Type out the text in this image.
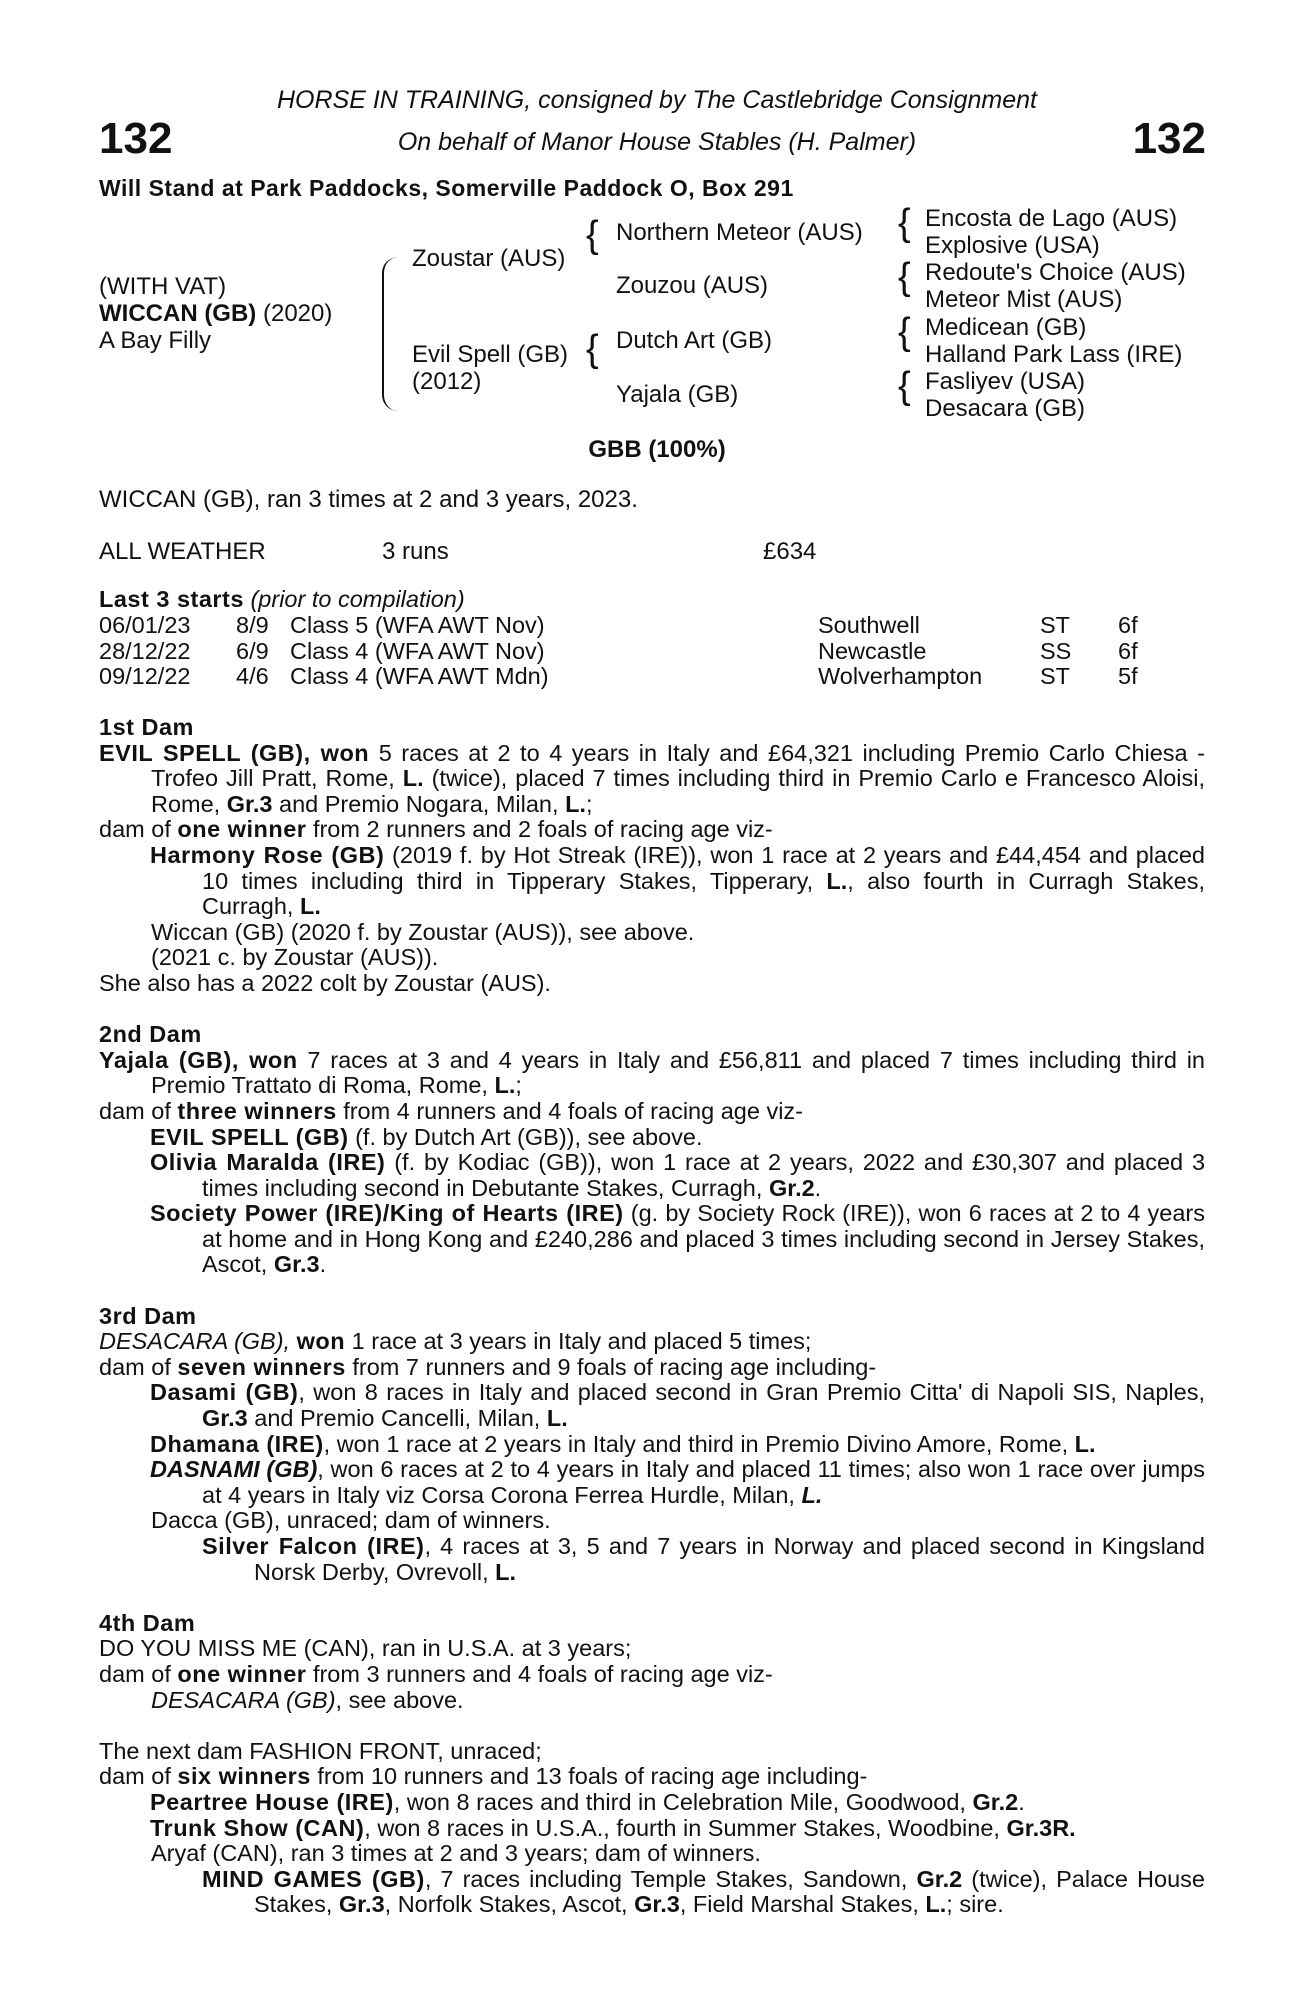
132	132
HORSE IN TRAINING, consigned by The Castlebridge Consignment
On behalf of Manor House Stables (H. Palmer)
Will Stand at Park Paddocks, Somerville Paddock O, Box 291
(WITH VAT)
WICCAN (GB) (2020)
A Bay Filly
Zoustar (AUS)
Evil Spell (GB)
(2012)
{
{
Northern Meteor (AUS)
Zouzou (AUS)
Dutch Art (GB)
Yajala (GB)
{
{
{
{
Encosta de Lago (AUS)
Explosive (USA)
Redoute's Choice (AUS)
Meteor Mist (AUS)
Medicean (GB)
Halland Park Lass (IRE)
Fasliyev (USA)
Desacara (GB)
GBB (100%)
WICCAN (GB), ran 3 times at 2 and 3 years, 2023.
ALL WEATHER	3 runs	£634
Last 3 starts (prior to compilation)
06/01/23	8/9 Class 5 (WFA AWT Nov)	Southwell	ST	6f
28/12/22	6/9 Class 4 (WFA AWT Nov)	Newcastle	SS	6f
09/12/22	4/6 Class 4 (WFA AWT Mdn)	Wolverhampton	ST	5f
1st Dam
EVIL SPELL (GB), won 5 races at 2 to 4 years in Italy and £64,321 including Premio Carlo Chiesa - Trofeo Jill Pratt, Rome, L. (twice), placed 7 times including third in Premio Carlo e Francesco Aloisi, Rome, Gr.3 and Premio Nogara, Milan, L.;
dam of one winner from 2 runners and 2 foals of racing age viz-
Harmony Rose (GB) (2019 f. by Hot Streak (IRE)), won 1 race at 2 years and £44,454 and placed 10 times including third in Tipperary Stakes, Tipperary, L., also fourth in Curragh Stakes, Curragh, L.
Wiccan (GB) (2020 f. by Zoustar (AUS)), see above.
(2021 c. by Zoustar (AUS)).
She also has a 2022 colt by Zoustar (AUS).
2nd Dam
Yajala (GB), won 7 races at 3 and 4 years in Italy and £56,811 and placed 7 times including third in Premio Trattato di Roma, Rome, L.;
dam of three winners from 4 runners and 4 foals of racing age viz-
EVIL SPELL (GB) (f. by Dutch Art (GB)), see above.
Olivia Maralda (IRE) (f. by Kodiac (GB)), won 1 race at 2 years, 2022 and £30,307 and placed 3 times including second in Debutante Stakes, Curragh, Gr.2.
Society Power (IRE)/King of Hearts (IRE) (g. by Society Rock (IRE)), won 6 races at 2 to 4 years at home and in Hong Kong and £240,286 and placed 3 times including second in Jersey Stakes, Ascot, Gr.3.
3rd Dam
DESACARA (GB), won 1 race at 3 years in Italy and placed 5 times;
dam of seven winners from 7 runners and 9 foals of racing age including-
Dasami (GB), won 8 races in Italy and placed second in Gran Premio Citta' di Napoli SIS, Naples, Gr.3 and Premio Cancelli, Milan, L.
Dhamana (IRE), won 1 race at 2 years in Italy and third in Premio Divino Amore, Rome, L.
DASNAMI (GB), won 6 races at 2 to 4 years in Italy and placed 11 times; also won 1 race over jumps at 4 years in Italy viz Corsa Corona Ferrea Hurdle, Milan, L.
Dacca (GB), unraced; dam of winners.
Silver Falcon (IRE), 4 races at 3, 5 and 7 years in Norway and placed second in Kingsland Norsk Derby, Ovrevoll, L.
4th Dam
DO YOU MISS ME (CAN), ran in U.S.A. at 3 years;
dam of one winner from 3 runners and 4 foals of racing age viz-
DESACARA (GB), see above.
The next dam FASHION FRONT, unraced;
dam of six winners from 10 runners and 13 foals of racing age including-
Peartree House (IRE), won 8 races and third in Celebration Mile, Goodwood, Gr.2.
Trunk Show (CAN), won 8 races in U.S.A., fourth in Summer Stakes, Woodbine, Gr.3R.
Aryaf (CAN), ran 3 times at 2 and 3 years; dam of winners.
MIND GAMES (GB), 7 races including Temple Stakes, Sandown, Gr.2 (twice), Palace House Stakes, Gr.3, Norfolk Stakes, Ascot, Gr.3, Field Marshal Stakes, L.; sire.
